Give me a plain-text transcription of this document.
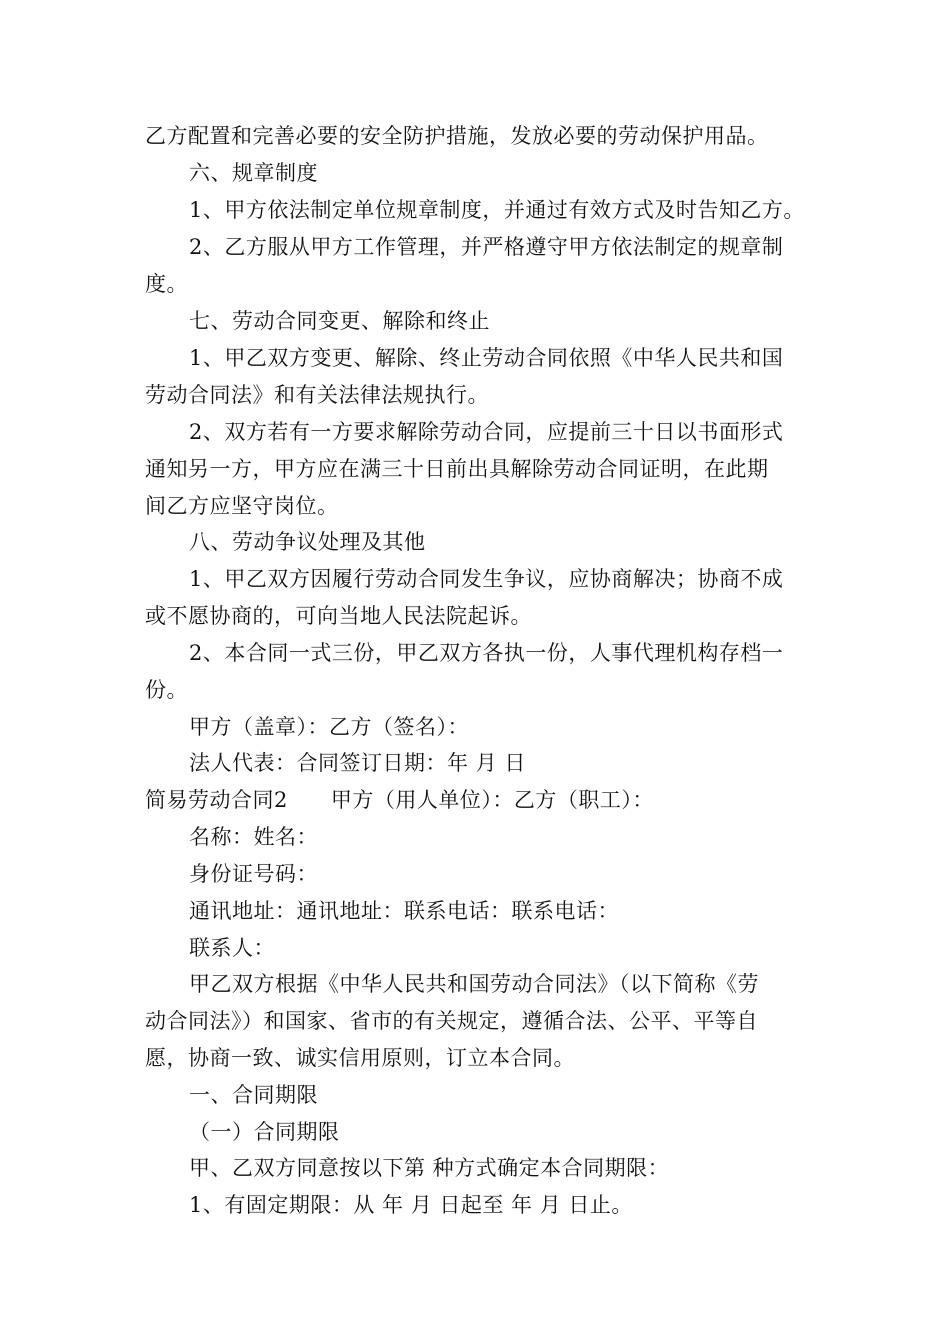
乙方配置和完善必要的安全防护措施，发放必要的劳动保护用品。
六、规章制度
1、甲方依法制定单位规章制度，并通过有效方式及时告知乙方。
2、乙方服从甲方工作管理，并严格遵守甲方依法制定的规章制
度。
七、劳动合同变更、解除和终止
1、甲乙双方变更、解除、终止劳动合同依照《中华人民共和国
劳动合同法》和有关法律法规执行。
2、双方若有一方要求解除劳动合同，应提前三十日以书面形式
通知另一方，甲方应在满三十日前出具解除劳动合同证明，在此期
间乙方应坚守岗位。
八、劳动争议处理及其他
1、甲乙双方因履行劳动合同发生争议，应协商解决；协商不成
或不愿协商的，可向当地人民法院起诉。
2、本合同一式三份，甲乙双方各执一份，人事代理机构存档一
份。
甲方（盖章）：乙方（签名）：
法人代表：合同签订日期：年 月 日
简易劳动合同2　　甲方（用人单位）：乙方（职工）：
名称：姓名：
身份证号码：
通讯地址：通讯地址：联系电话：联系电话：
联系人：
甲乙双方根据《中华人民共和国劳动合同法》（以下简称《劳
动合同法》）和国家、省市的有关规定，遵循合法、公平、平等自
愿，协商一致、诚实信用原则，订立本合同。
一、合同期限
（一）合同期限
甲、乙双方同意按以下第 种方式确定本合同期限：
1、有固定期限：从 年 月 日起至 年 月 日止。
